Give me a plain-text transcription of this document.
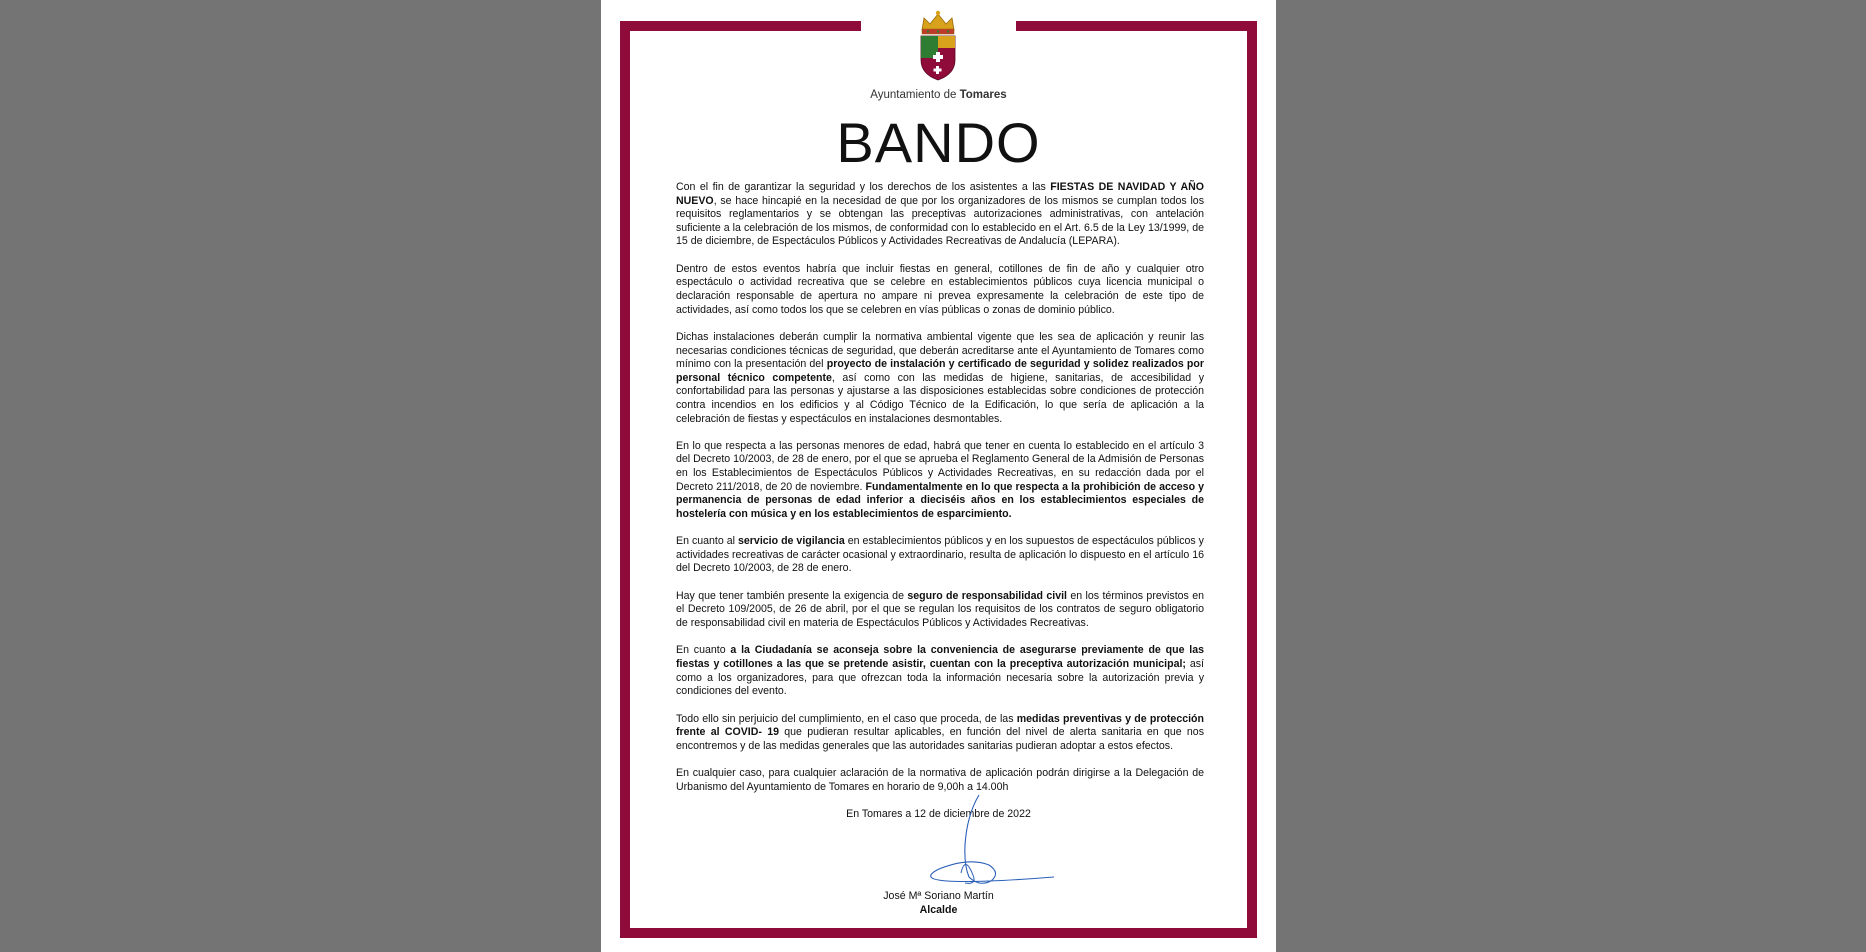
Ayuntamiento de Tomares
BANDO

Con el fin de garantizar la seguridad y los derechos de los asistentes a las FIESTAS DE NAVIDAD Y AÑO NUEVO, se hace hincapié en la necesidad de que por los organizadores de los mismos se cumplan todos los requisitos reglamentarios y se obtengan las preceptivas autorizaciones administrativas, con antelación suficiente a la celebración de los mismos, de conformidad con lo establecido en el Art. 6.5 de la Ley 13/1999, de 15 de diciembre, de Espectáculos Públicos y Actividades Recreativas de Andalucía (LEPARA).

Dentro de estos eventos habría que incluir fiestas en general, cotillones de fin de año y cualquier otro espectáculo o actividad recreativa que se celebre en establecimientos públicos cuya licencia municipal o declaración responsable de apertura no ampare ni prevea expresamente la celebración de este tipo de actividades, así como todos los que se celebren en vías públicas o zonas de dominio público.

Dichas instalaciones deberán cumplir la normativa ambiental vigente que les sea de aplicación y reunir las necesarias condiciones técnicas de seguridad, que deberán acreditarse ante el Ayuntamiento de Tomares como mínimo con la presentación del proyecto de instalación y certificado de seguridad y solidez realizados por personal técnico competente, así como con las medidas de higiene, sanitarias, de accesibilidad y confortabilidad para las personas y ajustarse a las disposiciones establecidas sobre condiciones de protección contra incendios en los edificios y al Código Técnico de la Edificación, lo que sería de aplicación a la celebración de fiestas y espectáculos en instalaciones desmontables.

En lo que respecta a las personas menores de edad, habrá que tener en cuenta lo establecido en el artículo 3 del Decreto 10/2003, de 28 de enero, por el que se aprueba el Reglamento General de la Admisión de Personas en los Establecimientos de Espectáculos Públicos y Actividades Recreativas, en su redacción dada por el Decreto 211/2018, de 20 de noviembre. Fundamentalmente en lo que respecta a la prohibición de acceso y permanencia de personas de edad inferior a dieciséis años en los establecimientos especiales de hostelería con música y en los establecimientos de esparcimiento.

En cuanto al servicio de vigilancia en establecimientos públicos y en los supuestos de espectáculos públicos y actividades recreativas de carácter ocasional y extraordinario, resulta de aplicación lo dispuesto en el artículo 16 del Decreto 10/2003, de 28 de enero.

Hay que tener también presente la exigencia de seguro de responsabilidad civil en los términos previstos en el Decreto 109/2005, de 26 de abril, por el que se regulan los requisitos de los contratos de seguro obligatorio de responsabilidad civil en materia de Espectáculos Públicos y Actividades Recreativas.

En cuanto a la Ciudadanía se aconseja sobre la conveniencia de asegurarse previamente de que las fiestas y cotillones a las que se pretende asistir, cuentan con la preceptiva autorización municipal; así como a los organizadores, para que ofrezcan toda la información necesaria sobre la autorización previa y condiciones del evento.

Todo ello sin perjuicio del cumplimiento, en el caso que proceda, de las medidas preventivas y de protección frente al COVID- 19 que pudieran resultar aplicables, en función del nivel de alerta sanitaria en que nos encontremos y de las medidas generales que las autoridades sanitarias pudieran adoptar a estos efectos.

En cualquier caso, para cualquier aclaración de la normativa de aplicación podrán dirigirse a la Delegación de Urbanismo del Ayuntamiento de Tomares en horario de 9,00h a 14.00h

En Tomares a 12 de diciembre de 2022
José Mª Soriano Martín
Alcalde
